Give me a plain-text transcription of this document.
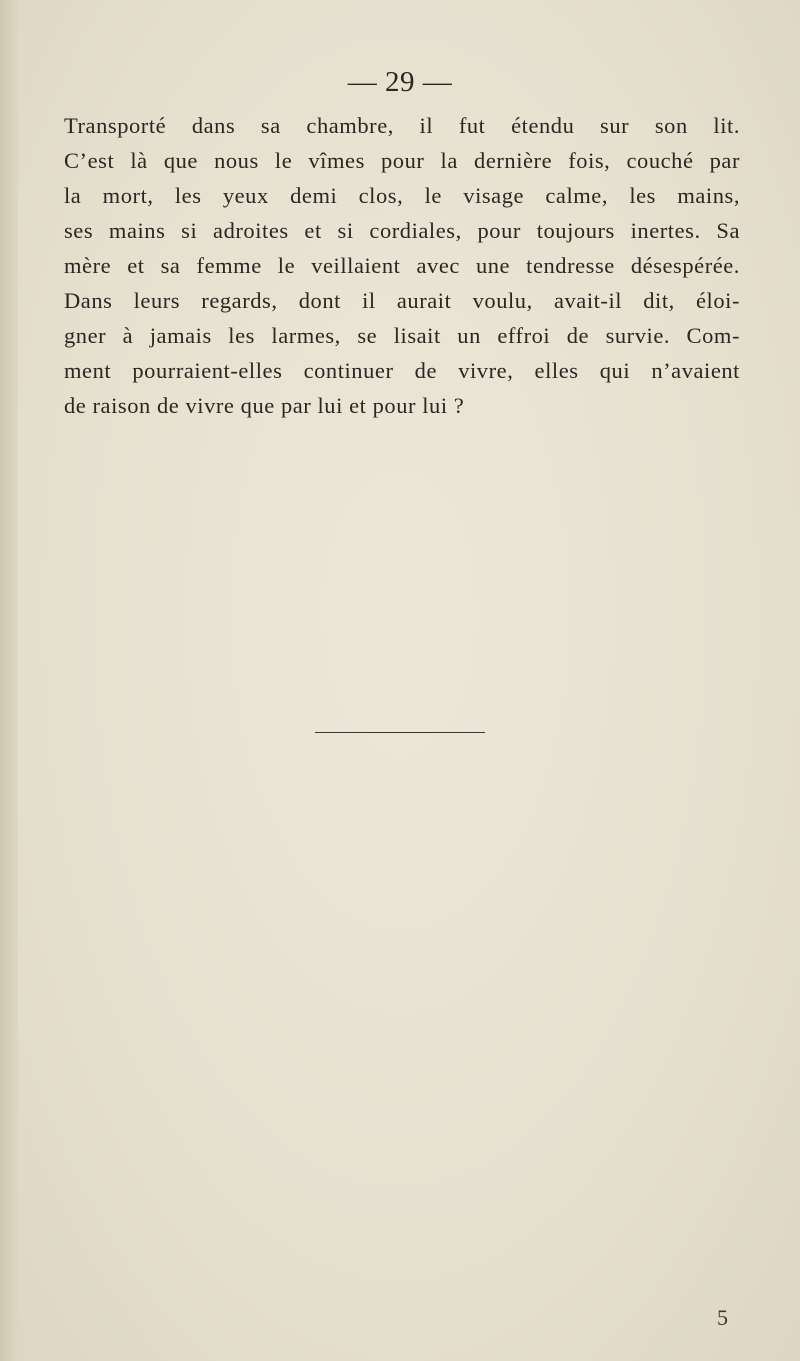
— 29 —
Transporté dans sa chambre, il fut étendu sur son lit.
C’est là que nous le vîmes pour la dernière fois, couché par
la mort, les yeux demi clos, le visage calme, les mains,
ses mains si adroites et si cordiales, pour toujours inertes. Sa
mère et sa femme le veillaient avec une tendresse désespérée.
Dans leurs regards, dont il aurait voulu, avait-il dit, éloi-
gner à jamais les larmes, se lisait un effroi de survie. Com-
ment pourraient-elles continuer de vivre, elles qui n’avaient
de raison de vivre que par lui et pour lui ?
5
